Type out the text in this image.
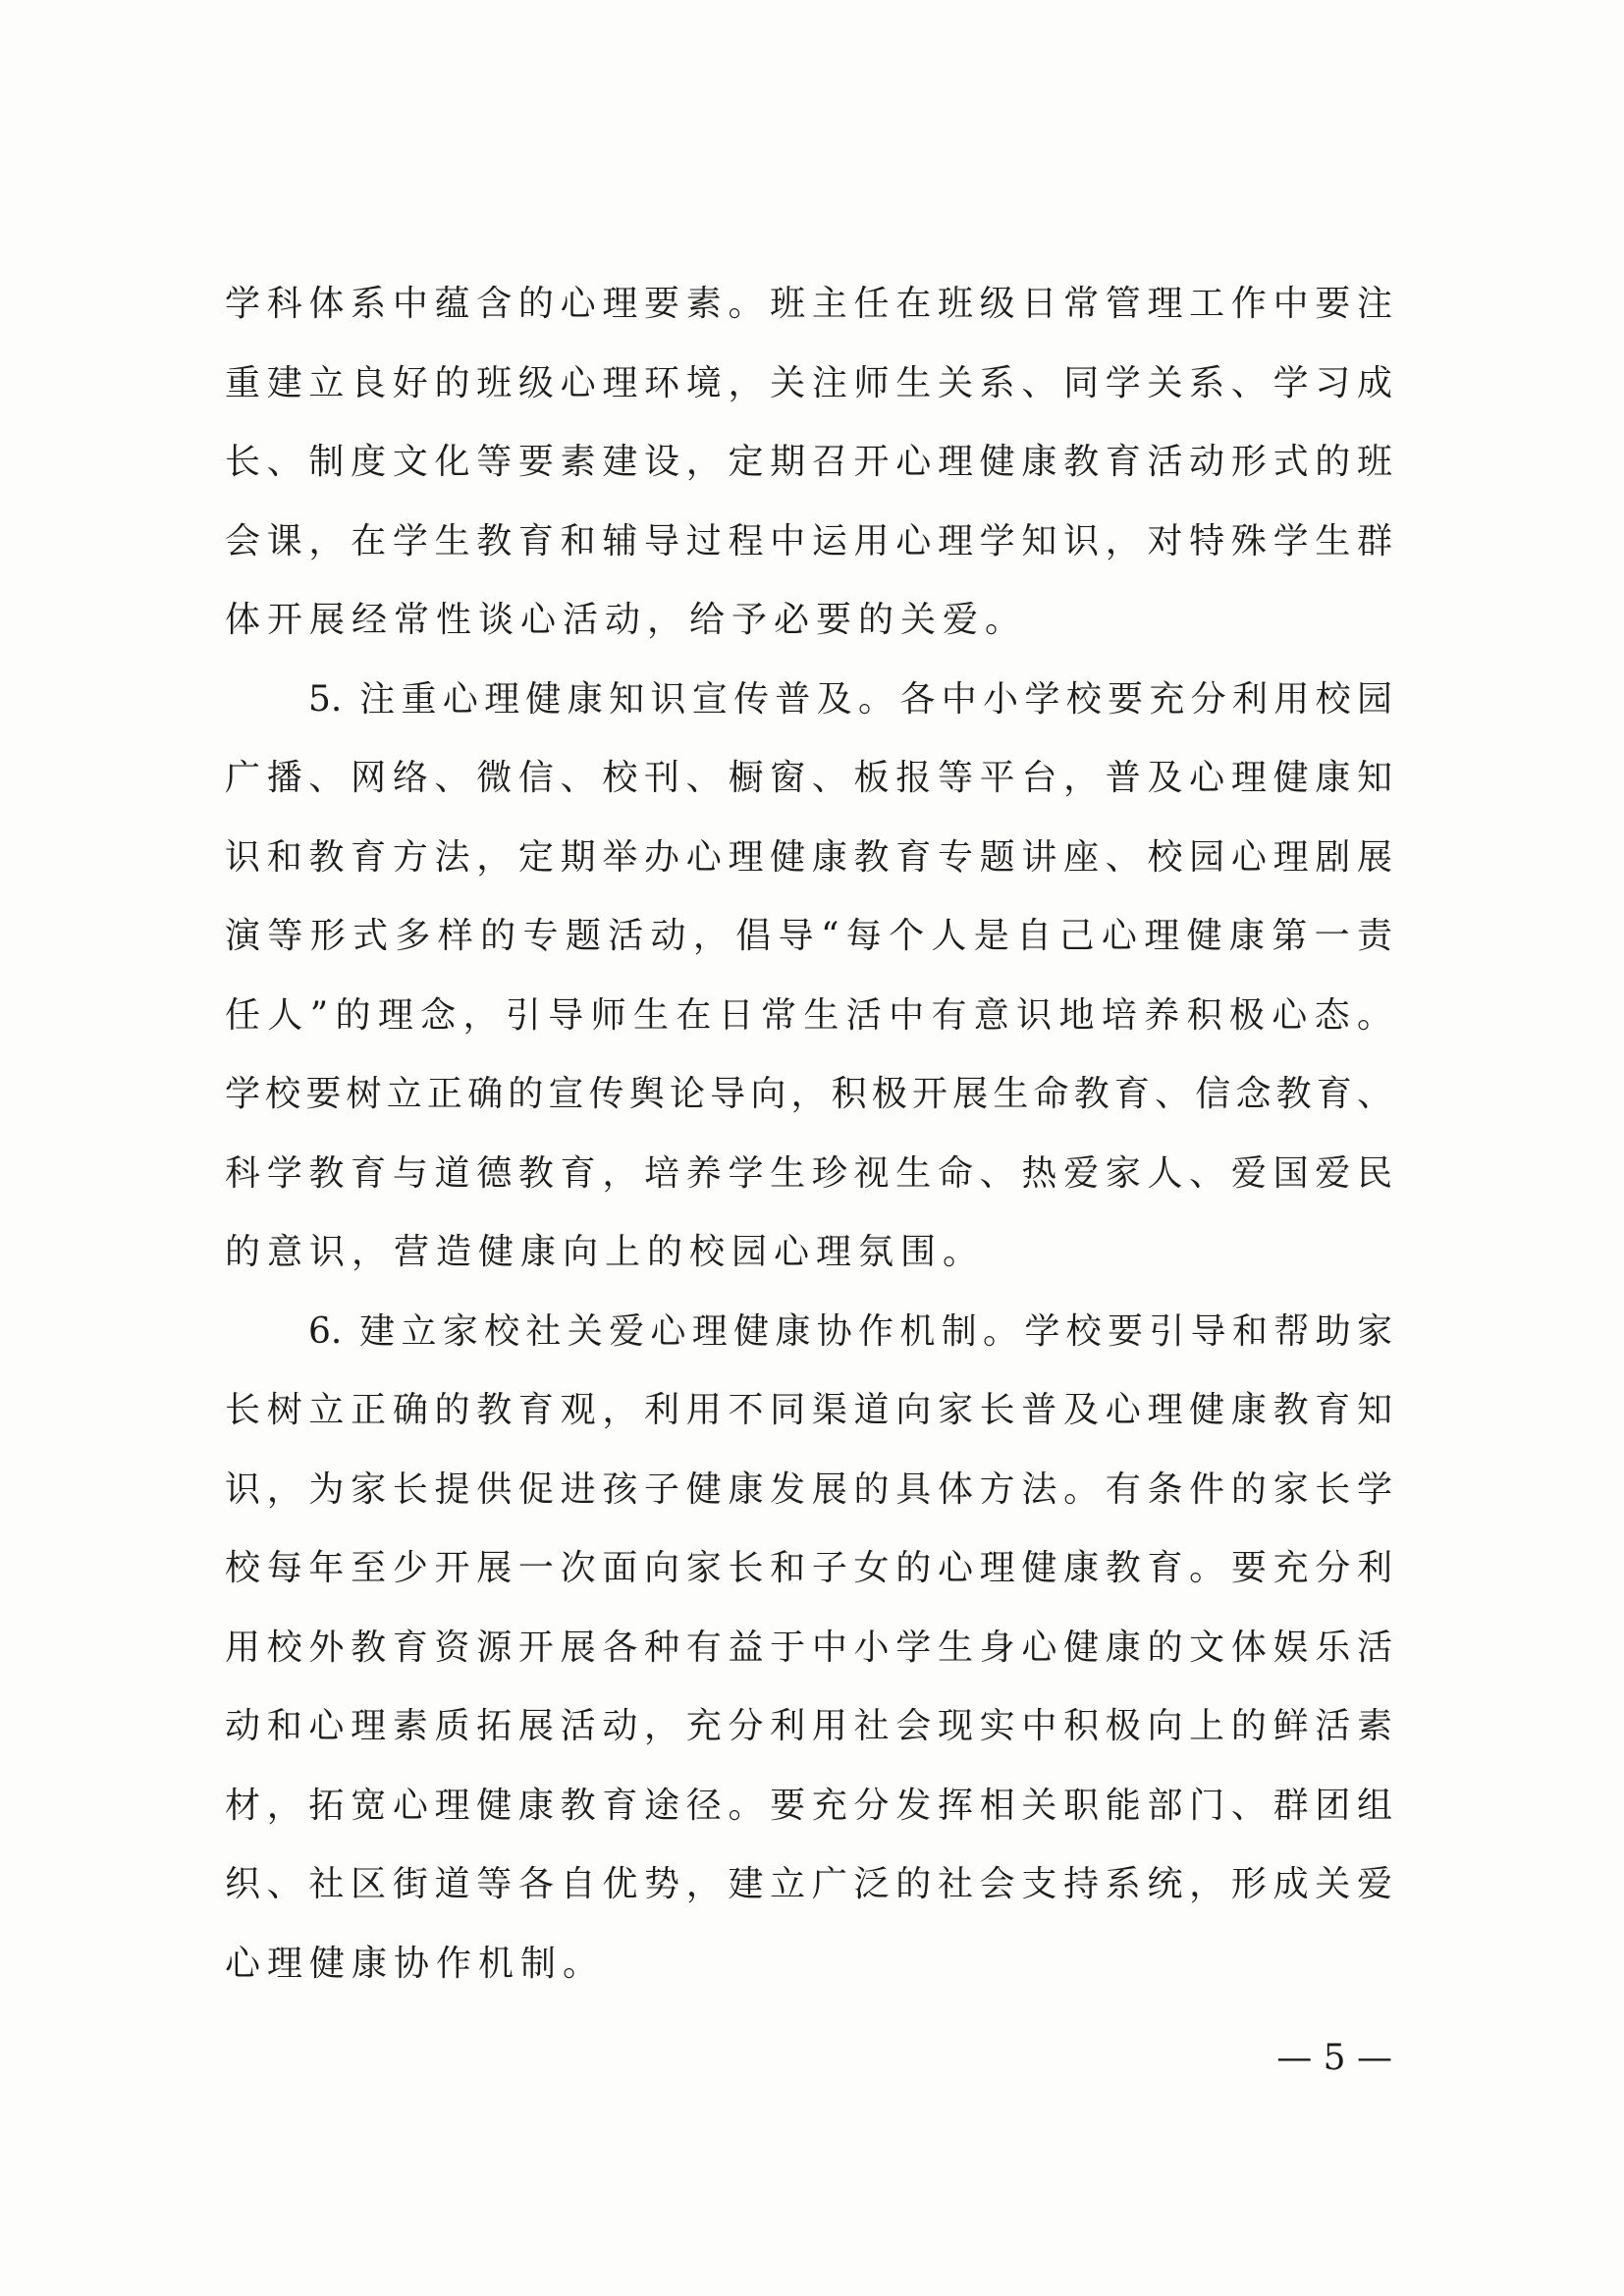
学科体系中蕴含的心理要素。班主任在班级日常管理工作中要注
重建立良好的班级心理环境，关注师生关系、同学关系、学习成
长、制度文化等要素建设，定期召开心理健康教育活动形式的班
会课，在学生教育和辅导过程中运用心理学知识，对特殊学生群
体开展经常性谈心活动，给予必要的关爱。
5. 注重心理健康知识宣传普及。各中小学校要充分利用校园
广播、网络、微信、校刊、橱窗、板报等平台，普及心理健康知
识和教育方法，定期举办心理健康教育专题讲座、校园心理剧展
演等形式多样的专题活动，倡导“每个人是自己心理健康第一责
任人”的理念，引导师生在日常生活中有意识地培养积极心态。
学校要树立正确的宣传舆论导向，积极开展生命教育、信念教育、
科学教育与道德教育，培养学生珍视生命、热爱家人、爱国爱民
的意识，营造健康向上的校园心理氛围。
6. 建立家校社关爱心理健康协作机制。学校要引导和帮助家
长树立正确的教育观，利用不同渠道向家长普及心理健康教育知
识，为家长提供促进孩子健康发展的具体方法。有条件的家长学
校每年至少开展一次面向家长和子女的心理健康教育。要充分利
用校外教育资源开展各种有益于中小学生身心健康的文体娱乐活
动和心理素质拓展活动，充分利用社会现实中积极向上的鲜活素
材，拓宽心理健康教育途径。要充分发挥相关职能部门、群团组
织、社区街道等各自优势，建立广泛的社会支持系统，形成关爱
心理健康协作机制。
— 5 —
